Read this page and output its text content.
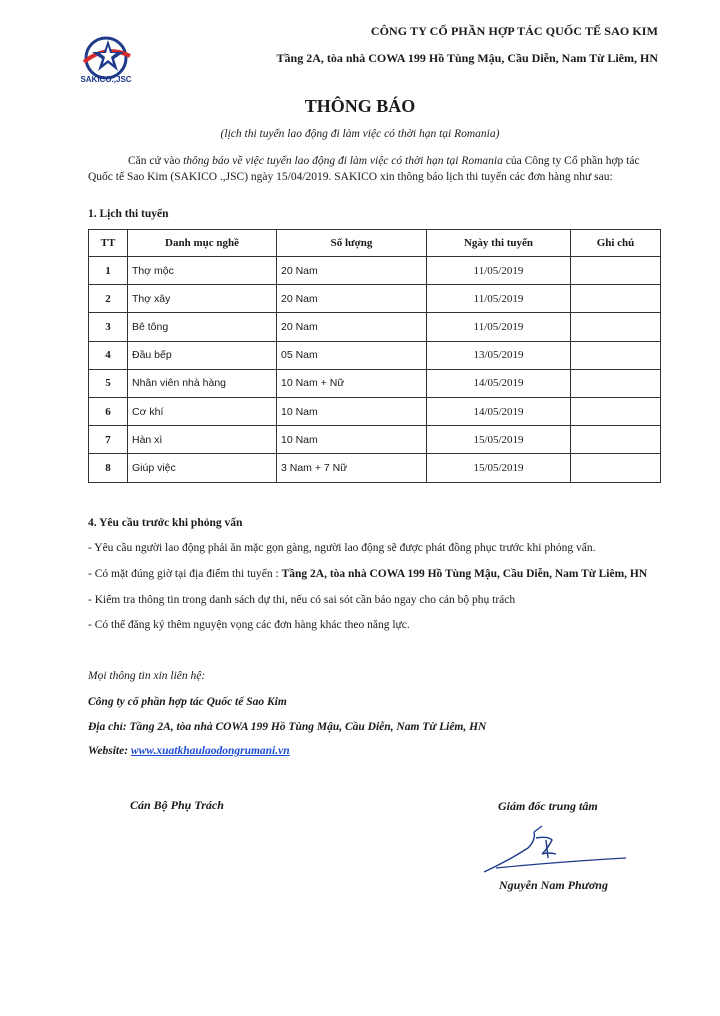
SAKICO.,JSC
CÔNG TY CỔ PHẦN HỢP TÁC QUỐC TẾ SAO KIM
Tầng 2A, tòa nhà COWA 199 Hồ Tùng Mậu, Cầu Diễn, Nam Từ Liêm, HN
THÔNG BÁO
(lịch thi tuyển lao động đi làm việc có thời hạn tại Romania)
Căn cứ vào thông báo về việc tuyển lao động đi làm việc có thời hạn tại Romania của Công ty Cổ phần hợp tác Quốc tế Sao Kim (SAKICO .,JSC) ngày 15/04/2019. SAKICO xin thông báo lịch thi tuyển các đơn hàng như sau:
1. Lịch thi tuyển
TT	Danh mục nghề	Số lượng	Ngày thi tuyển	Ghi chú
1	Thợ mộc	20 Nam	11/05/2019	
2	Thợ xây	20 Nam	11/05/2019	
3	Bê tông	20 Nam	11/05/2019	
4	Đầu bếp	05 Nam	13/05/2019	
5	Nhân viên nhà hàng	10 Nam + Nữ	14/05/2019	
6	Cơ khí	10 Nam	14/05/2019	
7	Hàn xì	10 Nam	15/05/2019	
8	Giúp việc	3 Nam + 7 Nữ	15/05/2019	
4. Yêu cầu trước khi phỏng vấn
- Yêu cầu người lao động phải ăn mặc gọn gàng, người lao động sẽ được phát đồng phục trước khi phỏng vấn.
- Có mặt đúng giờ tại địa điểm thi tuyển : Tầng 2A, tòa nhà COWA 199 Hồ Tùng Mậu, Cầu Diễn, Nam Từ Liêm, HN
- Kiểm tra thông tin trong danh sách dự thi, nếu có sai sót cần báo ngay cho cán bộ phụ trách
- Có thể đăng ký thêm nguyện vọng các đơn hàng khác theo năng lực.
Mọi thông tin xin liên hệ:
Công ty cổ phần hợp tác Quốc tế Sao Kim
Địa chỉ: Tầng 2A, tòa nhà COWA 199 Hồ Tùng Mậu, Cầu Diễn, Nam Từ Liêm, HN
Website: www.xuatkhaulaodongrumani.vn
Cán Bộ Phụ Trách	Giám đốc trung tâm
Nguyễn Nam Phương
